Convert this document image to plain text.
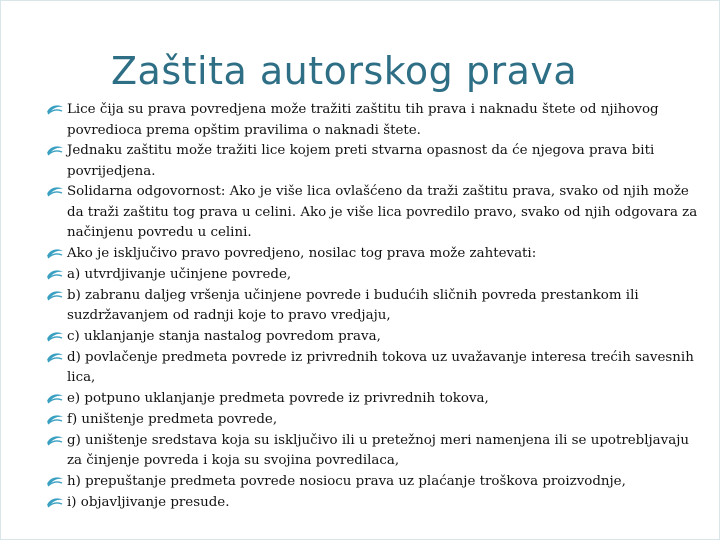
Zaštita autorskog prava
Lice čija su prava povredjena može tražiti zaštitu tih prava i naknadu štete od njihovog povredioca prema opštim pravilima o naknadi štete.
Jednaku zaštitu može tražiti lice kojem preti stvarna opasnost da će njegova prava biti povrijedjena.
Solidarna odgovornost: Ako je više lica ovlašćeno da traži zaštitu prava, svako od njih može da traži zaštitu tog prava u celini. Ako je više lica povredilo pravo, svako od njih odgovara za načinjenu povredu u celini.
Ako je isključivo pravo povredjeno, nosilac tog prava može zahtevati:
a) utvrdjivanje učinjene povrede,
b) zabranu daljeg vršenja učinjene povrede i budućih sličnih povreda prestankom ili suzdržavanjem od radnji koje to pravo vredjaju,
c) uklanjanje stanja nastalog povredom prava,
d) povlačenje predmeta povrede iz privrednih tokova uz uvažavanje interesa trećih savesnih lica,
e) potpuno uklanjanje predmeta povrede iz privrednih tokova,
f) uništenje predmeta povrede,
g) uništenje sredstava koja su isključivo ili u pretežnoj meri namenjena ili se upotrebljavaju za činjenje povreda i koja su svojina povredilaca,
h) prepuštanje predmeta povrede nosiocu prava uz plaćanje troškova proizvodnje,
i) objavljivanje presude.
